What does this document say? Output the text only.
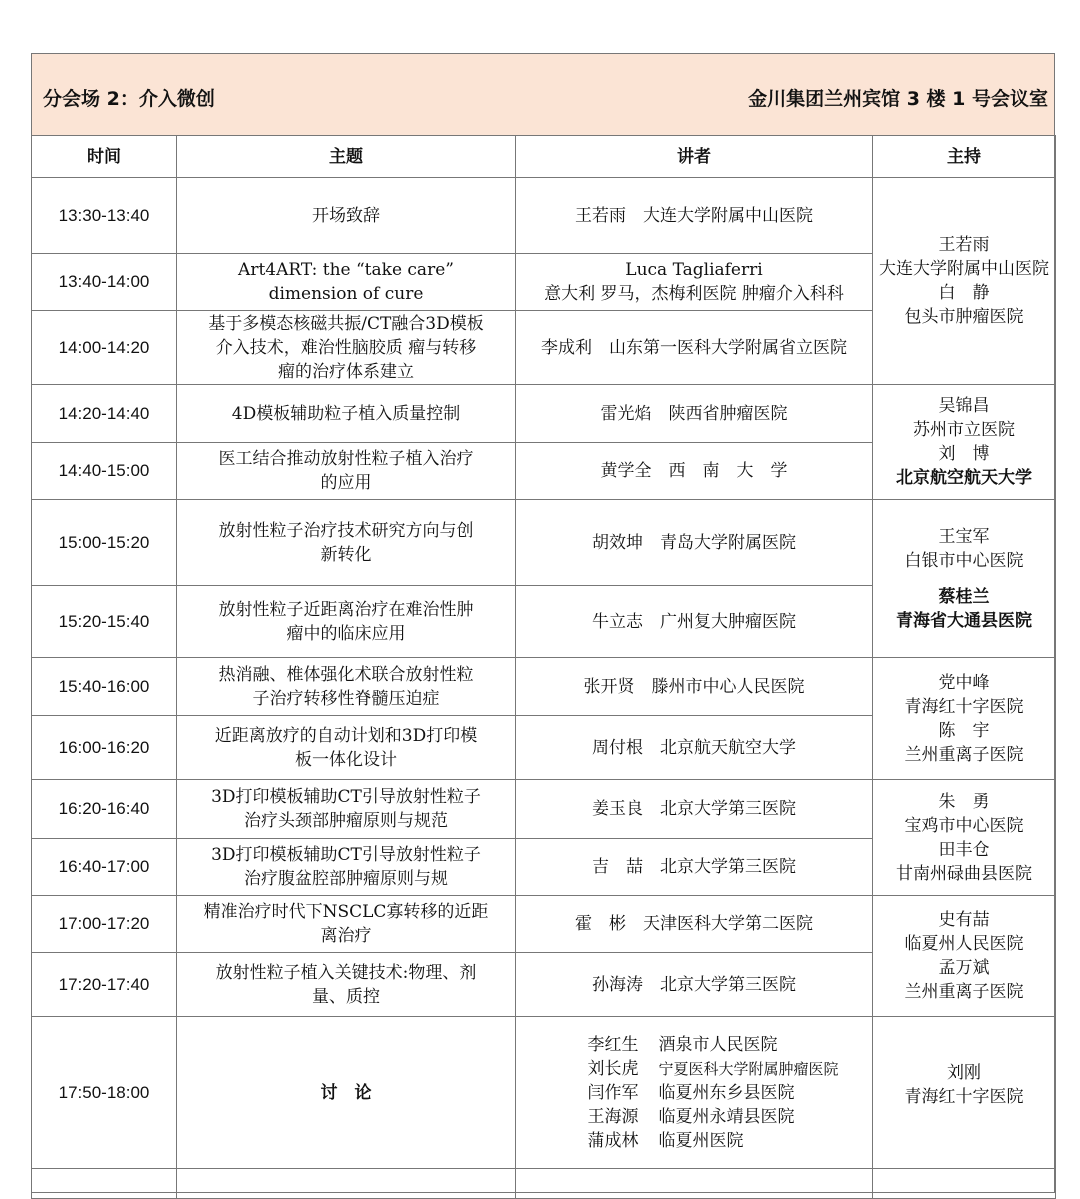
分会场 2：介入微创	金川集团兰州宾馆 3 楼 1 号会议室
时间	主题	讲者	主持
13:30-13:40	开场致辞	王若雨　大连大学附属中山医院	王若雨
大连大学附属中山医院
白　静
包头市肿瘤医院

13:40-14:00	Art4ART: the “take care”
dimension of cure	Luca Tagliaferri
意大利 罗马，杰梅利医院 肿瘤介入科科	

14:00-14:20	基于多模态核磁共振/CT融合3D模板
介入技术，难治性脑胶质 瘤与转移
瘤的治疗体系建立	李成利　山东第一医科大学附属省立医院	

14:20-14:40	4D模板辅助粒子植入质量控制	雷光焰　陕西省肿瘤医院	吴锦昌
苏州市立医院
刘　博
北京航空航天大学

14:40-15:00	医工结合推动放射性粒子植入治疗
的应用	黄学全　西　南　大　学	

15:00-15:20	放射性粒子治疗技术研究方向与创
新转化	胡效坤　青岛大学附属医院	王宝军
白银市中心医院
蔡桂兰
青海省大通县医院

15:20-15:40	放射性粒子近距离治疗在难治性肿
瘤中的临床应用	牛立志　广州复大肿瘤医院	

15:40-16:00	热消融、椎体强化术联合放射性粒
子治疗转移性脊髓压迫症	张开贤　滕州市中心人民医院	党中峰
青海红十字医院
陈　宇
兰州重离子医院

16:00-16:20	近距离放疗的自动计划和3D打印模
板一体化设计	周付根　北京航天航空大学	

16:20-16:40	3D打印模板辅助CT引导放射性粒子
治疗头颈部肿瘤原则与规范	姜玉良　北京大学第三医院	朱　勇
宝鸡市中心医院
田丰仓
甘南州碌曲县医院

16:40-17:00	3D打印模板辅助CT引导放射性粒子
治疗腹盆腔部肿瘤原则与规	吉　喆　北京大学第三医院	

17:00-17:20	精准治疗时代下NSCLC寡转移的近距
离治疗	霍　彬　天津医科大学第二医院	史有喆
临夏州人民医院
孟万斌
兰州重离子医院

17:20-17:40	放射性粒子植入关键技术:物理、剂
量、质控	孙海涛　北京大学第三医院	

17:50-18:00	讨　论	李红生 酒泉市人民医院
刘长虎 宁夏医科大学附属肿瘤医院
闫作军 临夏州东乡县医院
王海源 临夏州永靖县医院
蒲成林 临夏州医院	刘刚
青海红十字医院
